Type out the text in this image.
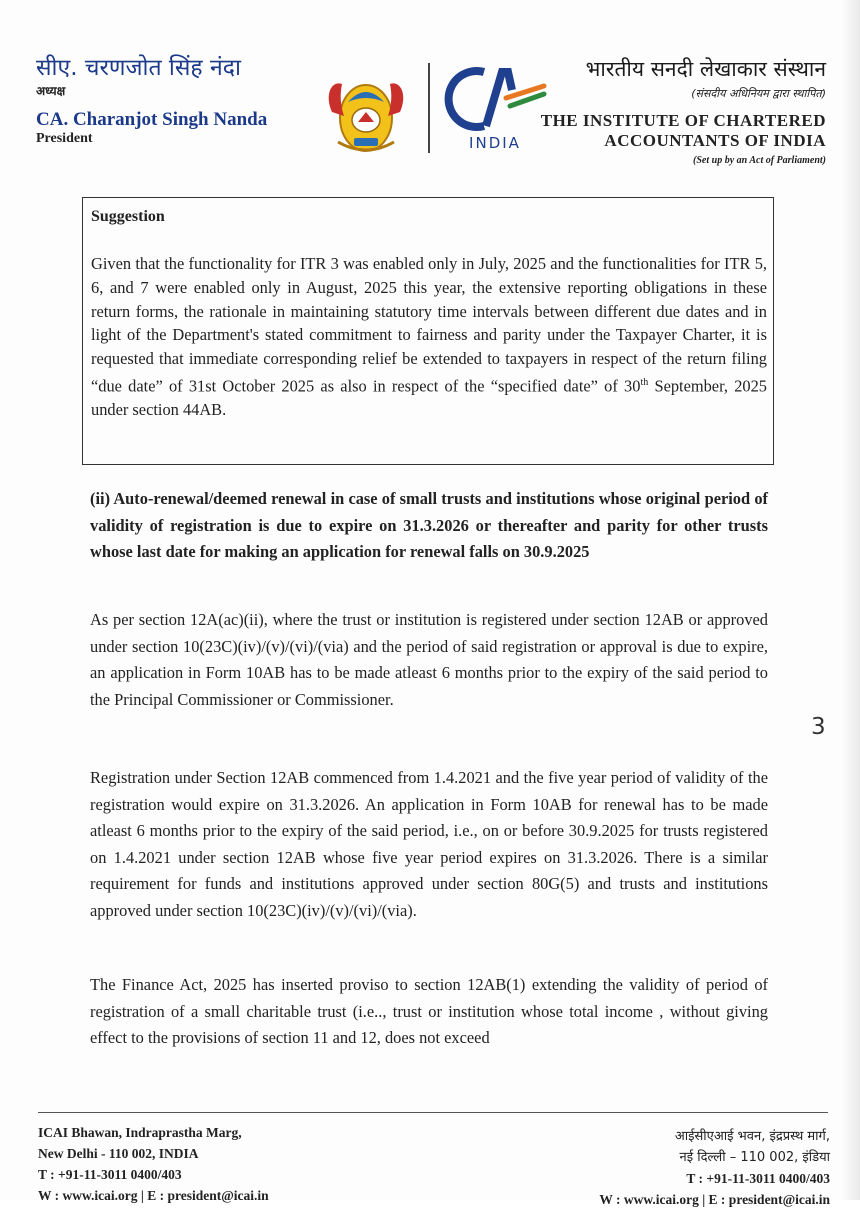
सीए. चरणजोत सिंह नंदा
अध्यक्ष
CA. Charanjot Singh Nanda
President	INDIA
भारतीय सनदी लेखाकार संस्थान
(संसदीय अधिनियम द्वारा स्थापित)
THE INSTITUTE OF CHARTERED
ACCOUNTANTS OF INDIA
(Set up by an Act of Parliament)
Suggestion
Given that the functionality for ITR 3 was enabled only in July, 2025 and the functionalities for ITR 5, 6, and 7 were enabled only in August, 2025 this year, the extensive reporting obligations in these return forms, the rationale in maintaining statutory time intervals between different due dates and in light of the Department's stated commitment to fairness and parity under the Taxpayer Charter, it is requested that immediate corresponding relief be extended to taxpayers in respect of the return filing “due date” of 31st October 2025 as also in respect of the “specified date” of 30th September, 2025 under section 44AB.
(ii) Auto-renewal/deemed renewal in case of small trusts and institutions whose original period of validity of registration is due to expire on 31.3.2026 or thereafter and parity for other trusts whose last date for making an application for renewal falls on 30.9.2025
As per section 12A(ac)(ii), where the trust or institution is registered under section 12AB or approved under section 10(23C)(iv)/(v)/(vi)/(via) and the period of said registration or approval is due to expire, an application in Form 10AB has to be made atleast 6 months prior to the expiry of the said period to the Principal Commissioner or Commissioner.
Registration under Section 12AB commenced from 1.4.2021 and the five year period of validity of the registration would expire on 31.3.2026. An application in Form 10AB for renewal has to be made atleast 6 months prior to the expiry of the said period, i.e., on or before 30.9.2025 for trusts registered on 1.4.2021 under section 12AB whose five year period expires on 31.3.2026. There is a similar requirement for funds and institutions approved under section 80G(5) and trusts and institutions approved under section 10(23C)(iv)/(v)/(vi)/(via).
The Finance Act, 2025 has inserted proviso to section 12AB(1) extending the validity of period of registration of a small charitable trust (i.e.., trust or institution whose total income , without giving effect to the provisions of section 11 and 12, does not exceed
3
ICAI Bhawan, Indraprastha Marg,
New Delhi - 110 002, INDIA
T : +91-11-3011 0400/403
W : www.icai.org | E : president@icai.in
आईसीएआई भवन, इंद्रप्रस्थ मार्ग,
नई दिल्ली – 110 002, इंडिया
T : +91-11-3011 0400/403
W : www.icai.org | E : president@icai.in
